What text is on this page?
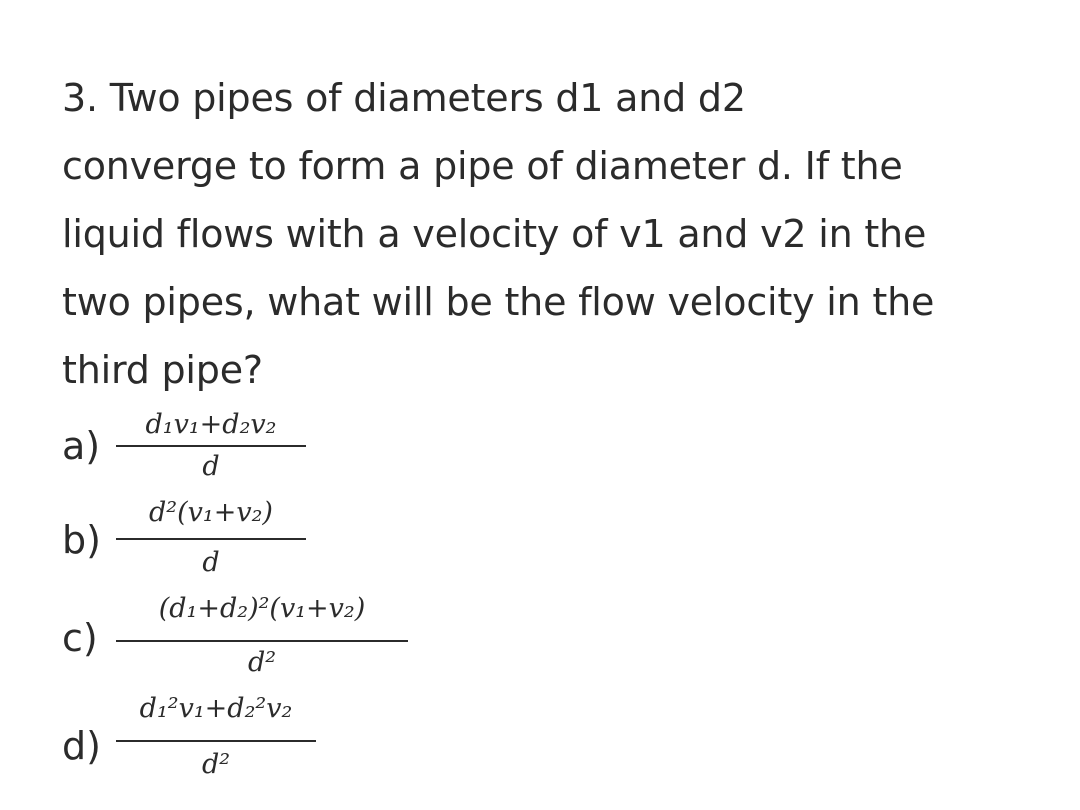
3. Two pipes of diameters d1 and d2
converge to form a pipe of diameter d. If the
liquid flows with a velocity of v1 and v2 in the
two pipes, what will be the flow velocity in the
third pipe?
a)	d₁v₁+d₂v₂
d
b)
d²(v₁+v₂)
d
c)
(d₁+d₂)²(v₁+v₂)
d²
d)
d₁²v₁+d₂²v₂
d²
